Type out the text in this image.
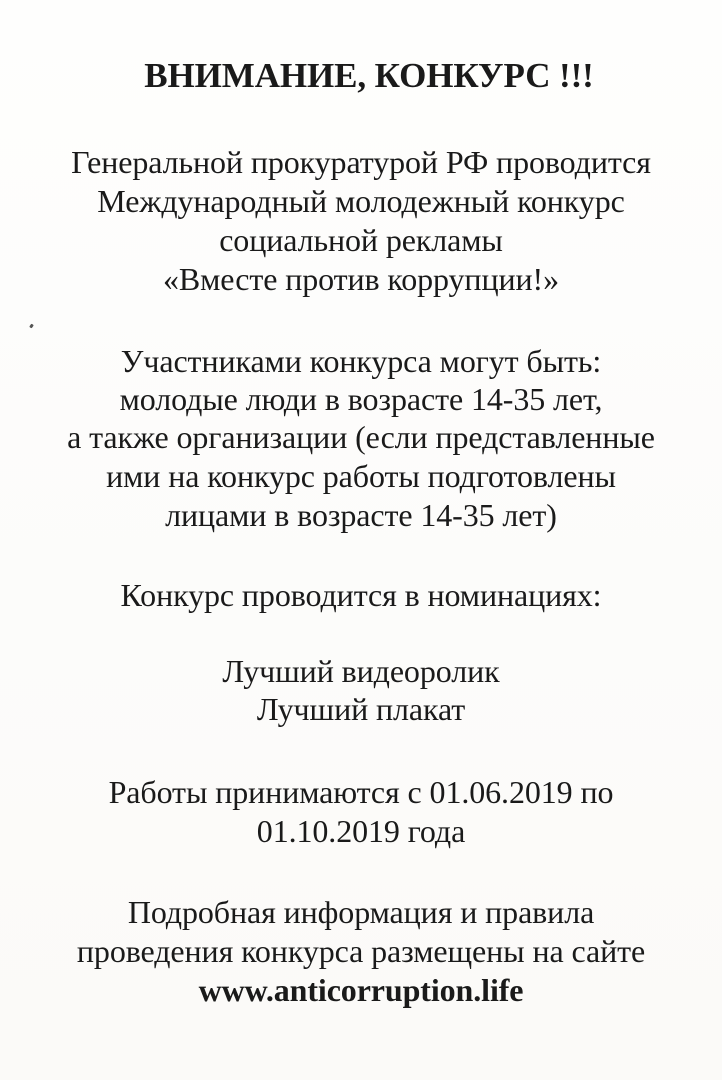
ВНИМАНИЕ, КОНКУРС !!!
Генеральной прокуратурой РФ проводится
Международный молодежный конкурс
социальной рекламы
«Вместе против коррупции!»
Участниками конкурса могут быть:
молодые люди в возрасте 14-35 лет,
а также организации (если представленные
ими на конкурс работы подготовлены
лицами в возрасте 14-35 лет)
Конкурс проводится в номинациях:
Лучший видеоролик
Лучший плакат
Работы принимаются с 01.06.2019 по
01.10.2019 года
Подробная информация и правила
проведения конкурса размещены на сайте
www.anticorruption.life
